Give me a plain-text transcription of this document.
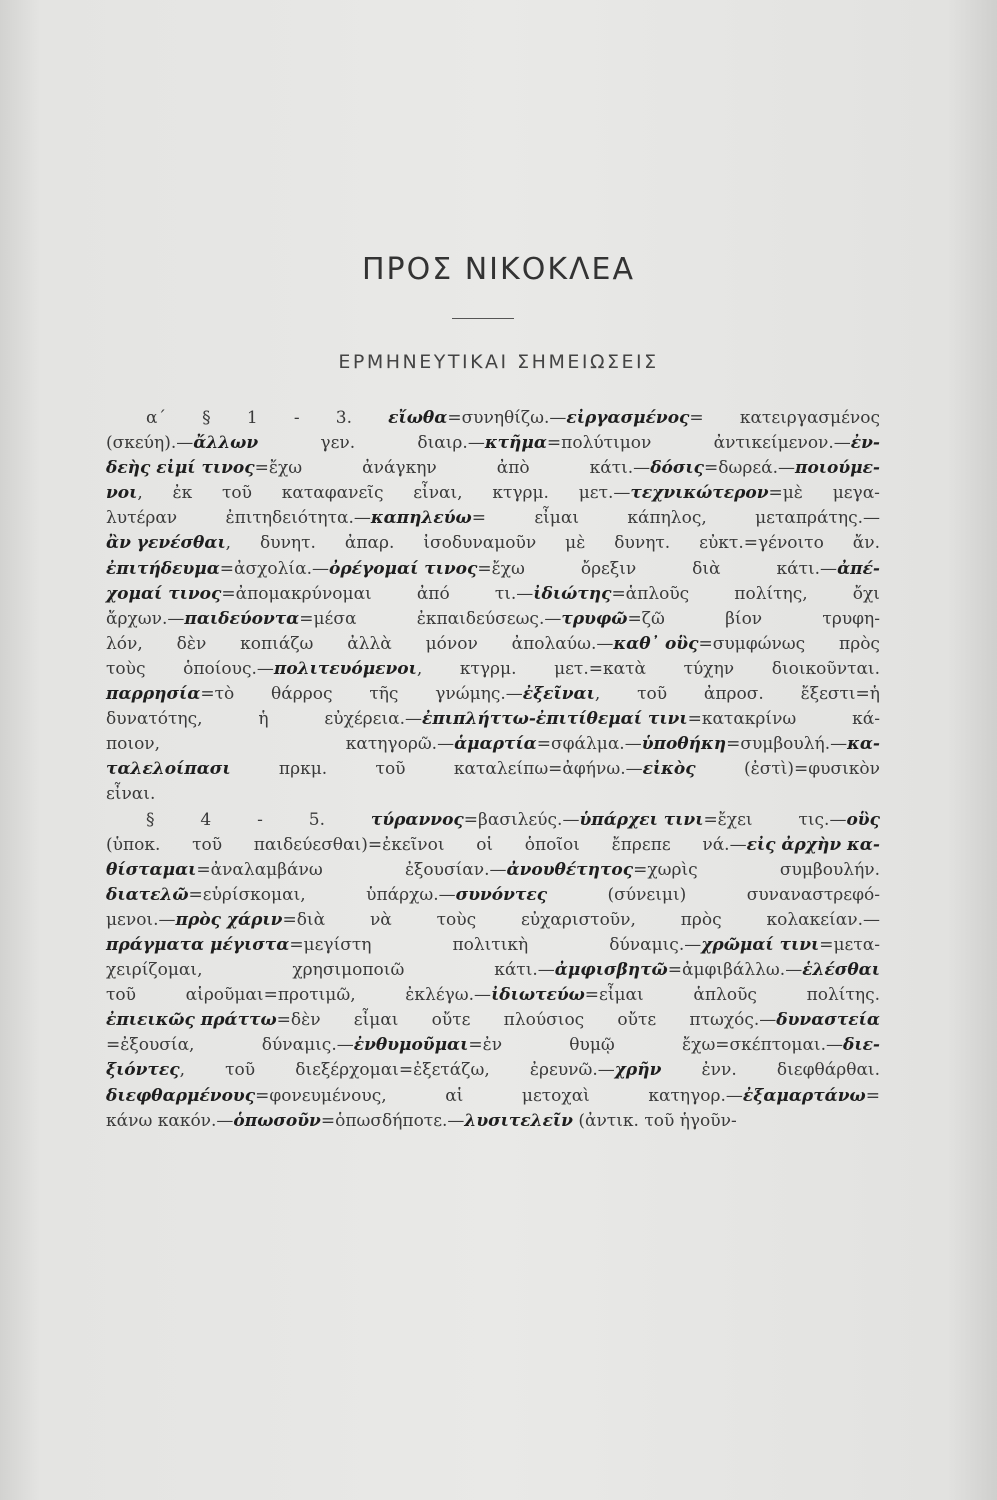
ΠΡΟΣ ΝΙΚΟΚΛΕΑ
ΕΡΜΗΝΕΥΤΙΚΑΙ ΣΗΜΕΙΩΣΕΙΣ
α΄ § 1 - 3. εἴωθα=συνηθίζω.—εἰργασμένος= κατειργασμένος
(σκεύη).—ἄλλων	γεν.	διαιρ.—κτῆμα=πολύτιμον	ἀντικείμενον.—ἐν-
δεὴς εἰμί τινος=ἔχω	ἀνάγκην	ἀπὸ	κάτι.—δόσις=δωρεά.—ποιούμε-
νοι, ἐκ τοῦ καταφανεῖς εἶναι, κτγρμ. μετ.—τεχνικώτερον=μὲ μεγα-
λυτέραν	ἐπιτηδειότητα.—καπηλεύω=	εἶμαι	κάπηλος,	μεταπράτης.—
ἂν γενέσθαι, δυνητ. ἀπαρ. ἰσοδυναμοῦν μὲ δυνητ. εὐκτ.=γένοιτο ἄν.
ἐπιτήδευμα=ἀσχολία.—ὀρέγομαί τινος=ἔχω	ὄρεξιν	διὰ	κάτι.—ἀπέ-
χομαί τινος=ἀπομακρύνομαι	ἀπό	τι.—ἰδιώτης=ἁπλοῦς	πολίτης,	ὄχι
ἄρχων.—παιδεύοντα=μέσα	ἐκπαιδεύσεως.—τρυφῶ=ζῶ	βίον	τρυφη-
λόν, δὲν κοπιάζω ἀλλὰ μόνον ἀπολαύω.—καθ᾽ οὓς=συμφώνως πρὸς
τοὺς ὁποίους.—πολιτευόμενοι, κτγρμ. μετ.=κατὰ τύχην διοικοῦνται.
παρρησία=τὸ θάρρος τῆς γνώμης.—ἐξεῖναι, τοῦ ἀπροσ. ἔξεστι=ἡ
δυνατότης,	ἡ	εὐχέρεια.—ἐπιπλήττω-ἐπιτίθεμαί τινι=κατακρίνω	κά-
ποιον,	κατηγορῶ.—ἁμαρτία=σφάλμα.—ὑποθήκη=συμβουλή.—κα-
ταλελοίπασι	πρκμ.	τοῦ	καταλείπω=ἀφήνω.—εἰκὸς	(ἐστὶ)=φυσικὸν
εἶναι.

§	4	-	5.	τύραννος=βασιλεύς.—ὑπάρχει τινι=ἔχει	τις.—οὓς
(ὑποκ. τοῦ παιδεύεσθαι)=ἐκεῖνοι οἱ ὁποῖοι ἔπρεπε νά.—εἰς ἀρχὴν κα-
θίσταμαι=ἀναλαμβάνω	ἐξουσίαν.—ἀνουθέτητος=χωρὶς	συμβουλήν.
διατελῶ=εὑρίσκομαι,	ὑπάρχω.—συνόντες	(σύνειμι)	συναναστρεφό-
μενοι.—πρὸς χάριν=διὰ	νὰ	τοὺς	εὐχαριστοῦν,	πρὸς	κολακείαν.—
πράγματα μέγιστα=μεγίστη	πολιτικὴ	δύναμις.—χρῶμαί τινι=μετα-
χειρίζομαι,	χρησιμοποιῶ	κάτι.—ἀμφισβητῶ=ἀμφιβάλλω.—ἑλέσθαι
τοῦ	αἱροῦμαι=προτιμῶ,	ἐκλέγω.—ἰδιωτεύω=εἶμαι	ἁπλοῦς	πολίτης.
ἐπιεικῶς πράττω=δὲν εἶμαι οὔτε πλούσιος οὔτε πτωχός.—δυναστεία
=ἐξουσία,	δύναμις.—ἐνθυμοῦμαι=ἐν	θυμῷ	ἔχω=σκέπτομαι.—διε-
ξιόντες, τοῦ διεξέρχομαι=ἐξετάζω, ἐρευνῶ.—χρῆν ἐνν. διεφθάρθαι.
διεφθαρμένους=φονευμένους,	αἱ	μετοχαὶ	κατηγορ.—ἐξαμαρτάνω=
κάνω
κακόν.—ὁπωσοῦν=ὁπωσδήποτε.—λυσιτελεῖν
(ἀντικ.
τοῦ
ἡγοῦν-
